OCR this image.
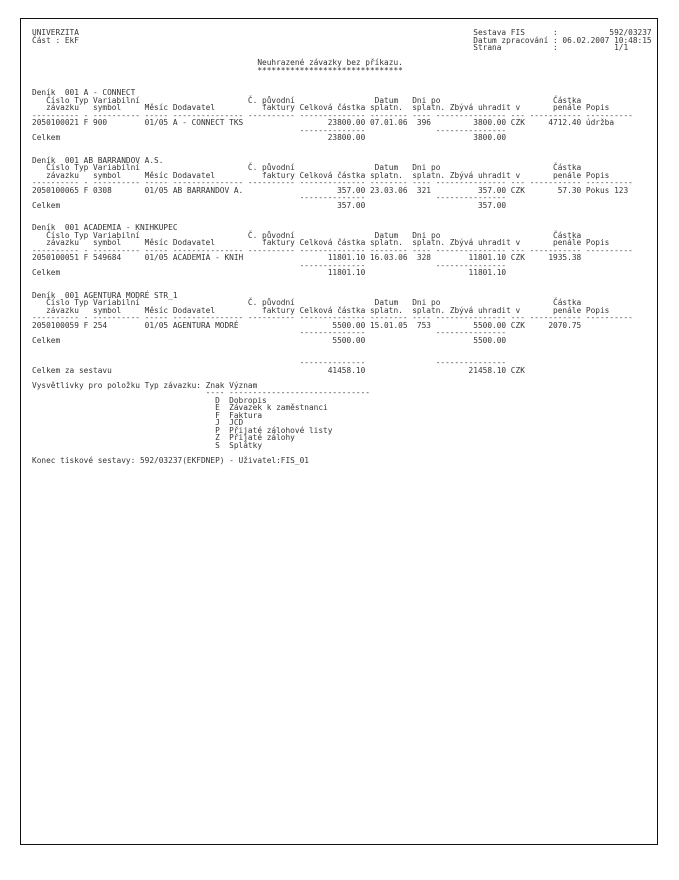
UNIVERZITA                                                                                    Sestava FIS      :           592/03237
Část : EkF                                                                                    Datum zpracování : 06.02.2007 10:48:15
Strana           :            1/1

Neuhrazené závazky bez příkazu.
*******************************

Deník  001 A - CONNECT
Číslo Typ Variabilní                       Č. původní                 Datum   Dni po                        Částka
závazku   symbol     Měsíc Dodavatel          faktury Celková částka splatn.  splatn. Zbývá uhradit v       penále Popis
---------- - ---------- ----- --------------- ---------- -------------- -------- ---- --------------- --- ----------- ----------
2050100021 F 900        01/05 A - CONNECT TKS                  23800.00 07.01.06  396         3800.00 CZK     4712.40 údržba
--------------               ---------------
Celkem                                                         23800.00                       3800.00

Deník  001 AB BARRANDOV A.S.
Číslo Typ Variabilní                       Č. původní                 Datum   Dni po                        Částka
závazku   symbol     Měsíc Dodavatel          faktury Celková částka splatn.  splatn. Zbývá uhradit v       penále Popis
---------- - ---------- ----- --------------- ---------- -------------- -------- ---- --------------- --- ----------- ----------
2050100065 F 0308       01/05 AB BARRANDOV A.                    357.00 23.03.06  321          357.00 CZK       57.30 Pokus 123
--------------               ---------------
Celkem                                                           357.00                        357.00

Deník  001 ACADEMIA - KNIHKUPEC
Číslo Typ Variabilní                       Č. původní                 Datum   Dni po                        Částka
závazku   symbol     Měsíc Dodavatel          faktury Celková částka splatn.  splatn. Zbývá uhradit v       penále Popis
---------- - ---------- ----- --------------- ---------- -------------- -------- ---- --------------- --- ----------- ----------
2050100051 F 549684     01/05 ACADEMIA - KNIH                  11801.10 16.03.06  328        11801.10 CZK     1935.38
--------------               ---------------
Celkem                                                         11801.10                      11801.10

Deník  001 AGENTURA MODRÉ STR_1
Číslo Typ Variabilní                       Č. původní                 Datum   Dni po                        Částka
závazku   symbol     Měsíc Dodavatel          faktury Celková částka splatn.  splatn. Zbývá uhradit v       penále Popis
---------- - ---------- ----- --------------- ---------- -------------- -------- ---- --------------- --- ----------- ----------
2050100059 F 254        01/05 AGENTURA MODRÉ                    5500.00 15.01.05  753         5500.00 CZK     2070.75
--------------               ---------------
Celkem                                                          5500.00                       5500.00

--------------               ---------------
Celkem za sestavu                                              41458.10                      21458.10 CZK

Vysvětlivky pro položku Typ závazku: Znak Význam
---- ------------------------------
D  Dobropis
E  Závazek k zaměstnanci
F  Faktura
J  JCD
P  Přijaté zálohové listy
Z  Přijaté zálohy
S  Splátky

Konec tiskové sestavy: 592/03237(EKFDNEP) - Uživatel:FIS_01
